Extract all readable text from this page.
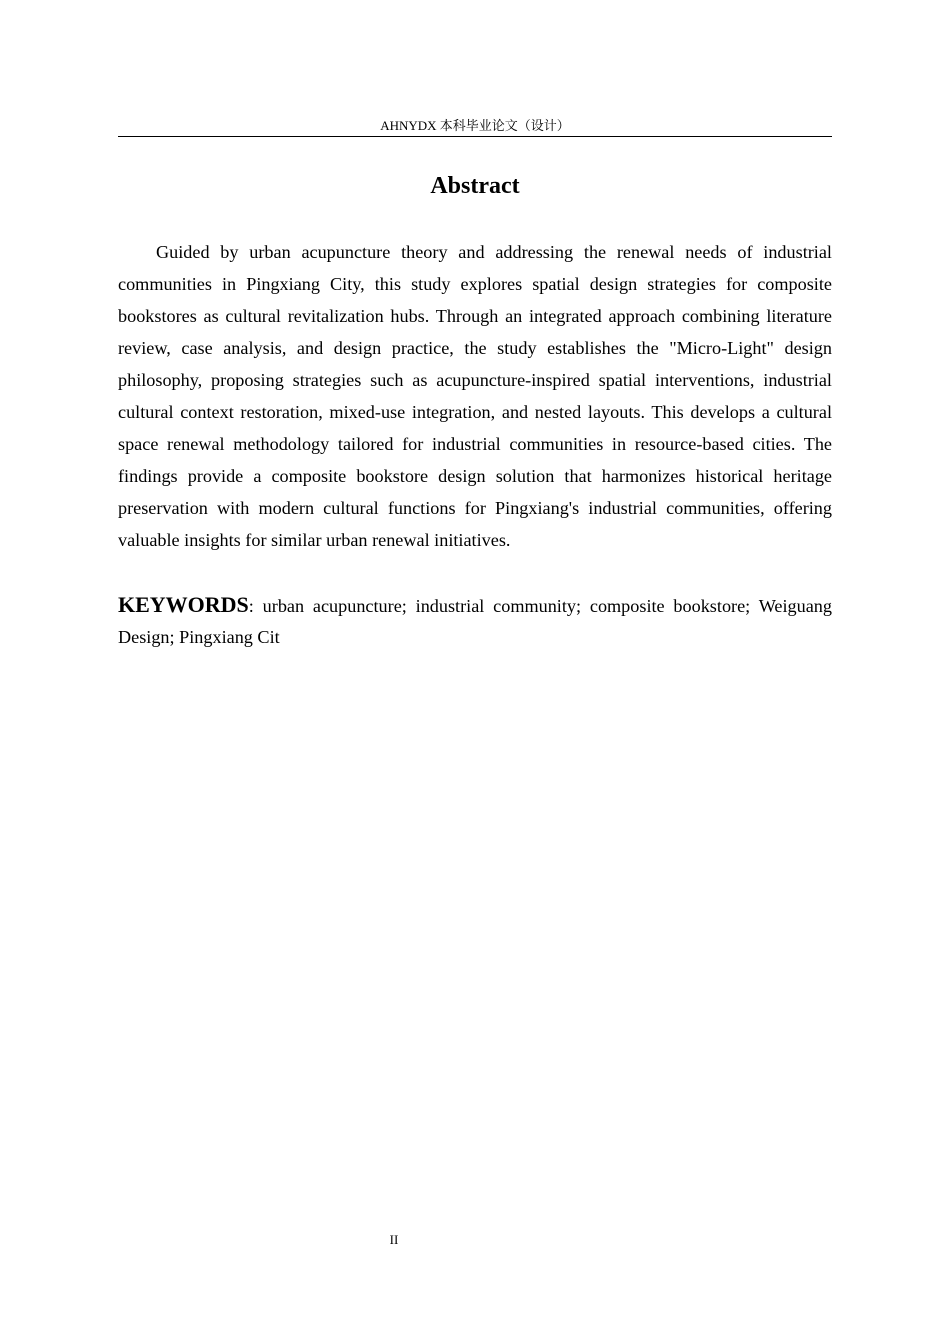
AHNYDX 本科毕业论文（设计）
Abstract

Guided by urban acupuncture theory and addressing the renewal needs of industrial communities in Pingxiang City, this study explores spatial design strategies for composite bookstores as cultural revitalization hubs. Through an integrated approach combining literature review, case analysis, and design practice, the study establishes the "Micro-Light" design philosophy, proposing strategies such as acupuncture-inspired spatial interventions, industrial cultural context restoration, mixed-use integration, and nested layouts. This develops a cultural space renewal methodology tailored for industrial communities in resource-based cities. The findings provide a composite bookstore design solution that harmonizes historical heritage preservation with modern cultural functions for Pingxiang's industrial communities, offering valuable insights for similar urban renewal initiatives.

KEYWORDS: urban acupuncture; industrial community; composite bookstore; Weiguang Design; Pingxiang Cit

II
